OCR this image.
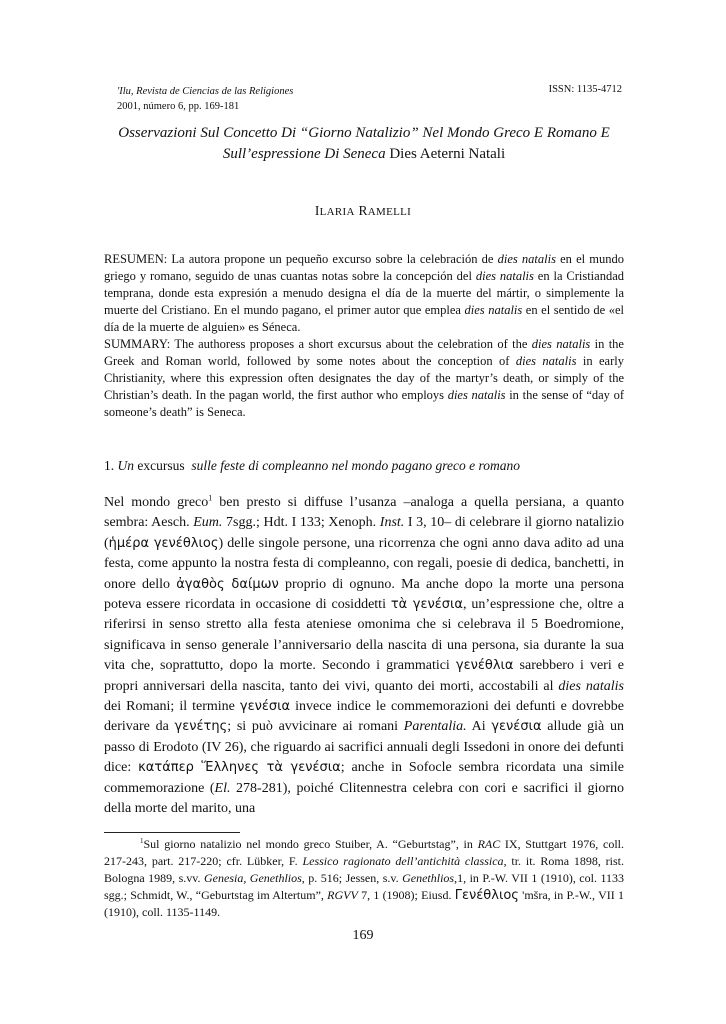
'Ilu, Revista de Ciencias de las Religiones
2001, número 6, pp. 169-181
ISSN: 1135-4712
Osservazioni Sul Concetto Di “Giorno Natalizio” Nel Mondo Greco E Romano E Sull’espressione Di Seneca Dies Aeterni Natali
ILARIA RAMELLI

RESUMEN: La autora propone un pequeño excurso sobre la celebración de dies natalis en el mundo griego y romano, seguido de unas cuantas notas sobre la concepción del dies natalis en la Cristiandad temprana, donde esta expresión a menudo designa el día de la muerte del mártir, o simplemente la muerte del Cristiano. En el mundo pagano, el primer autor que emplea dies natalis en el sentido de «el día de la muerte de alguien» es Séneca.

SUMMARY: The authoress proposes a short excursus about the celebration of the dies natalis in the Greek and Roman world, followed by some notes about the conception of dies natalis in early Christianity, where this expression often designates the day of the martyr’s death, or simply of the Christian’s death. In the pagan world, the first author who employs dies natalis in the sense of “day of someone’s death” is Seneca.

1. Un excursus sulle feste di compleanno nel mondo pagano greco e romano

Nel mondo greco$^1$ ben presto si diffuse l’usanza –analoga a quella persiana, a quanto sembra: Aesch. Eum. 7sgg.; Hdt. I 133; Xenoph. Inst. I 3, 10– di celebrare il giorno natalizio (ἡμέρα γενέθλιος) delle singole persone, una ricorrenza che ogni anno dava adito ad una festa, come appunto la nostra festa di compleanno, con regali, poesie di dedica, banchetti, in onore dello ἀγαθὸς δαίμων proprio di ognuno. Ma anche dopo la morte una persona poteva essere ricordata in occasione di cosiddetti τὰ γενέσια, un’espressione che, oltre a riferirsi in senso stretto alla festa ateniese omonima che si celebrava il 5 Boedromione, significava in senso generale l’anniversario della nascita di una persona, sia durante la sua vita che, soprattutto, dopo la morte. Secondo i grammatici γενέθλια sarebbero i veri e propri anniversari della nascita, tanto dei vivi, quanto dei morti, accostabili al dies natalis dei Romani; il termine γενέσια invece indice le commemorazioni dei defunti e dovrebbe derivare da γενέτης; si può avvicinare ai romani Parentalia. Ai γενέσια allude già un passo di Erodoto (IV 26), che riguardo ai sacrifici annuali degli Issedoni in onore dei defunti dice: κατάπερ Ἕλληνες τὰ γενέσια; anche in Sofocle sembra ricordata una simile commemorazione (El. 278-281), poiché Clitennestra celebra con cori e sacrifici il giorno della morte del marito, una

$^1$Sul giorno natalizio nel mondo greco Stuiber, A. “Geburtstag”, in RAC IX, Stuttgart 1976, coll. 217-243, part. 217-220; cfr. Lübker, F. Lessico ragionato dell’antichità classica, tr. it. Roma 1898, rist. Bologna 1989, s.vv. Genesia, Genethlios, p. 516; Jessen, s.v. Genethlios,1, in P.-W. VII 1 (1910), col. 1133 sgg.; Schmidt, W., “Geburtstag im Altertum”, RGVV 7, 1 (1908); Eiusd. Γενέθλιος 'mšra, in P.-W., VII 1 (1910), coll. 1135-1149.
169
